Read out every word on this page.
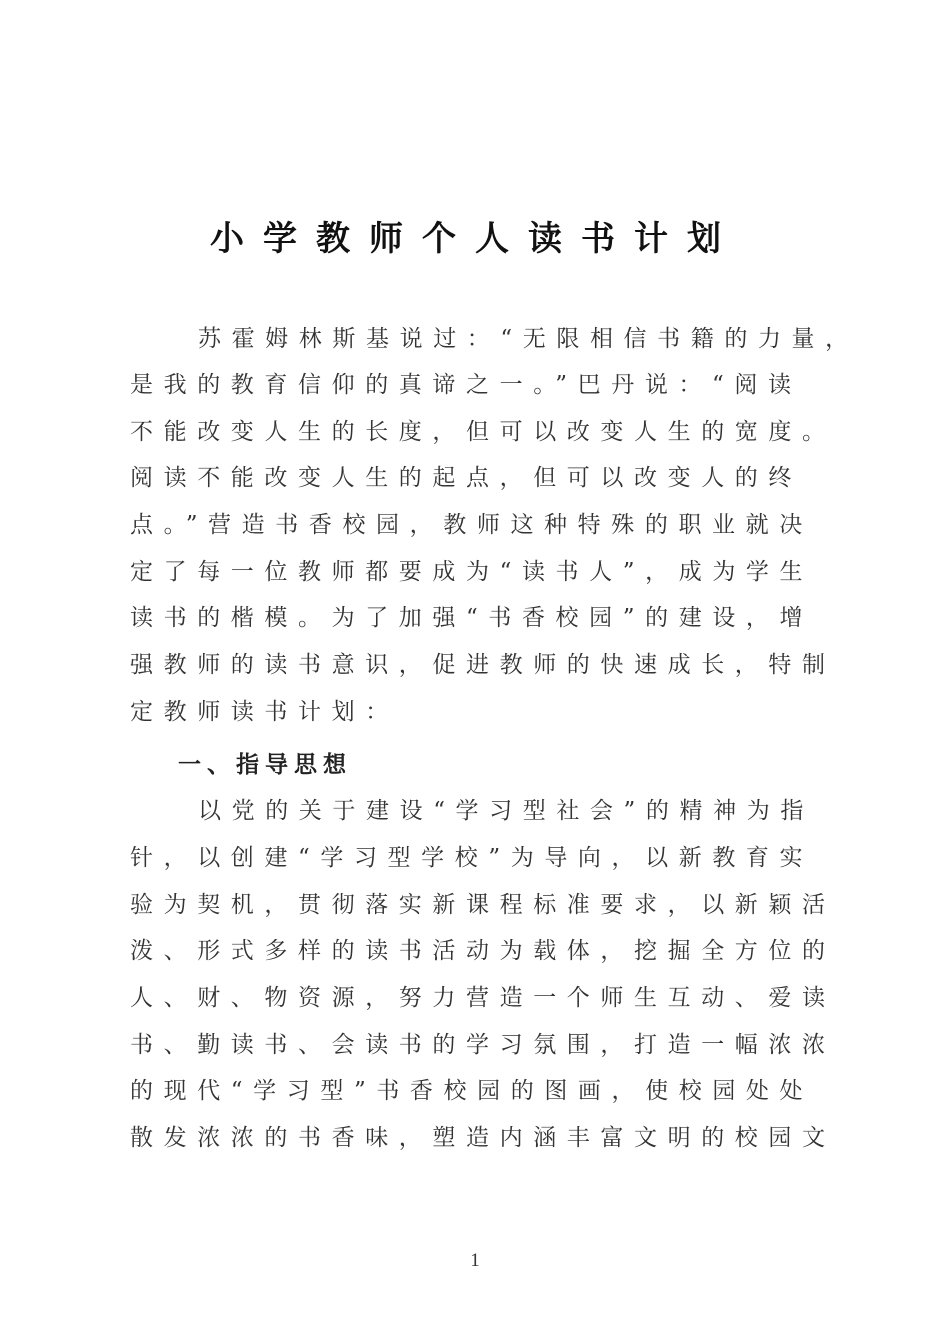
小学教师个人读书计划

苏霍姆林斯基说过：“无限相信书籍的力量，

是我的教育信仰的真谛之一。”巴丹说：“阅读

不能改变人生的长度，但可以改变人生的宽度。

阅读不能改变人生的起点，但可以改变人的终

点。”营造书香校园，教师这种特殊的职业就决

定了每一位教师都要成为“读书人”，成为学生

读书的楷模。为了加强“书香校园”的建设，增

强教师的读书意识，促进教师的快速成长，特制

定教师读书计划：

一、指导思想

以党的关于建设“学习型社会”的精神为指

针，以创建“学习型学校”为导向，以新教育实

验为契机，贯彻落实新课程标准要求，以新颖活

泼、形式多样的读书活动为载体，挖掘全方位的

人、财、物资源，努力营造一个师生互动、爱读

书、勤读书、会读书的学习氛围，打造一幅浓浓

的现代“学习型”书香校园的图画，使校园处处

散发浓浓的书香味，塑造内涵丰富文明的校园文

1
